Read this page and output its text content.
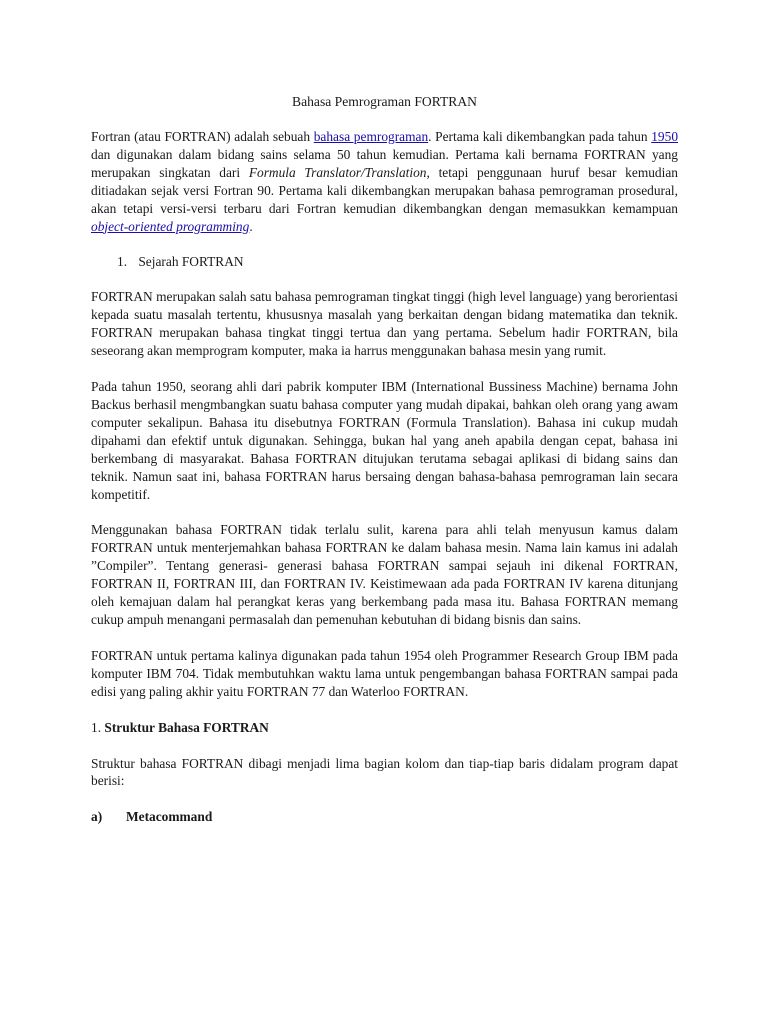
Bahasa Pemrograman FORTRAN

Fortran (atau FORTRAN) adalah sebuah bahasa pemrograman. Pertama kali dikembangkan pada tahun 1950 dan digunakan dalam bidang sains selama 50 tahun kemudian. Pertama kali bernama FORTRAN yang merupakan singkatan dari Formula Translator/Translation, tetapi penggunaan huruf besar kemudian ditiadakan sejak versi Fortran 90. Pertama kali dikembangkan merupakan bahasa pemrograman prosedural, akan tetapi versi-versi terbaru dari Fortran kemudian dikembangkan dengan memasukkan kemampuan object-oriented programming.

1. Sejarah FORTRAN

FORTRAN merupakan salah satu bahasa pemrograman tingkat tinggi (high level language) yang berorientasi kepada suatu masalah tertentu, khususnya masalah yang berkaitan dengan bidang matematika dan teknik. FORTRAN merupakan bahasa tingkat tinggi tertua dan yang pertama. Sebelum hadir FORTRAN, bila seseorang akan memprogram komputer, maka ia harrus menggunakan bahasa mesin yang rumit.

Pada tahun 1950, seorang ahli dari pabrik komputer IBM (International Bussiness Machine) bernama John Backus berhasil mengmbangkan suatu bahasa computer yang mudah dipakai, bahkan oleh orang yang awam computer sekalipun. Bahasa itu disebutnya FORTRAN (Formula Translation). Bahasa ini cukup mudah dipahami dan efektif untuk digunakan. Sehingga, bukan hal yang aneh apabila dengan cepat, bahasa ini berkembang di masyarakat. Bahasa FORTRAN ditujukan terutama sebagai aplikasi di bidang sains dan teknik. Namun saat ini, bahasa FORTRAN harus bersaing dengan bahasa-bahasa pemrograman lain secara kompetitif.

Menggunakan bahasa FORTRAN tidak terlalu sulit, karena para ahli telah menyusun kamus dalam FORTRAN untuk menterjemahkan bahasa FORTRAN ke dalam bahasa mesin. Nama lain kamus ini adalah ”Compiler”. Tentang generasi- generasi bahasa FORTRAN sampai sejauh ini dikenal FORTRAN, FORTRAN II, FORTRAN III, dan FORTRAN IV. Keistimewaan ada pada FORTRAN IV karena ditunjang oleh kemajuan dalam hal perangkat keras yang berkembang pada masa itu. Bahasa FORTRAN memang cukup ampuh menangani permasalah dan pemenuhan kebutuhan di bidang bisnis dan sains.

FORTRAN untuk pertama kalinya digunakan pada tahun 1954 oleh Programmer Research Group IBM pada komputer IBM 704. Tidak membutuhkan waktu lama untuk pengembangan bahasa FORTRAN sampai pada edisi yang paling akhir yaitu FORTRAN 77 dan Waterloo FORTRAN.

1. Struktur Bahasa FORTRAN

Struktur bahasa FORTRAN dibagi menjadi lima bagian kolom dan tiap-tiap baris didalam program dapat berisi:

a) Metacommand
